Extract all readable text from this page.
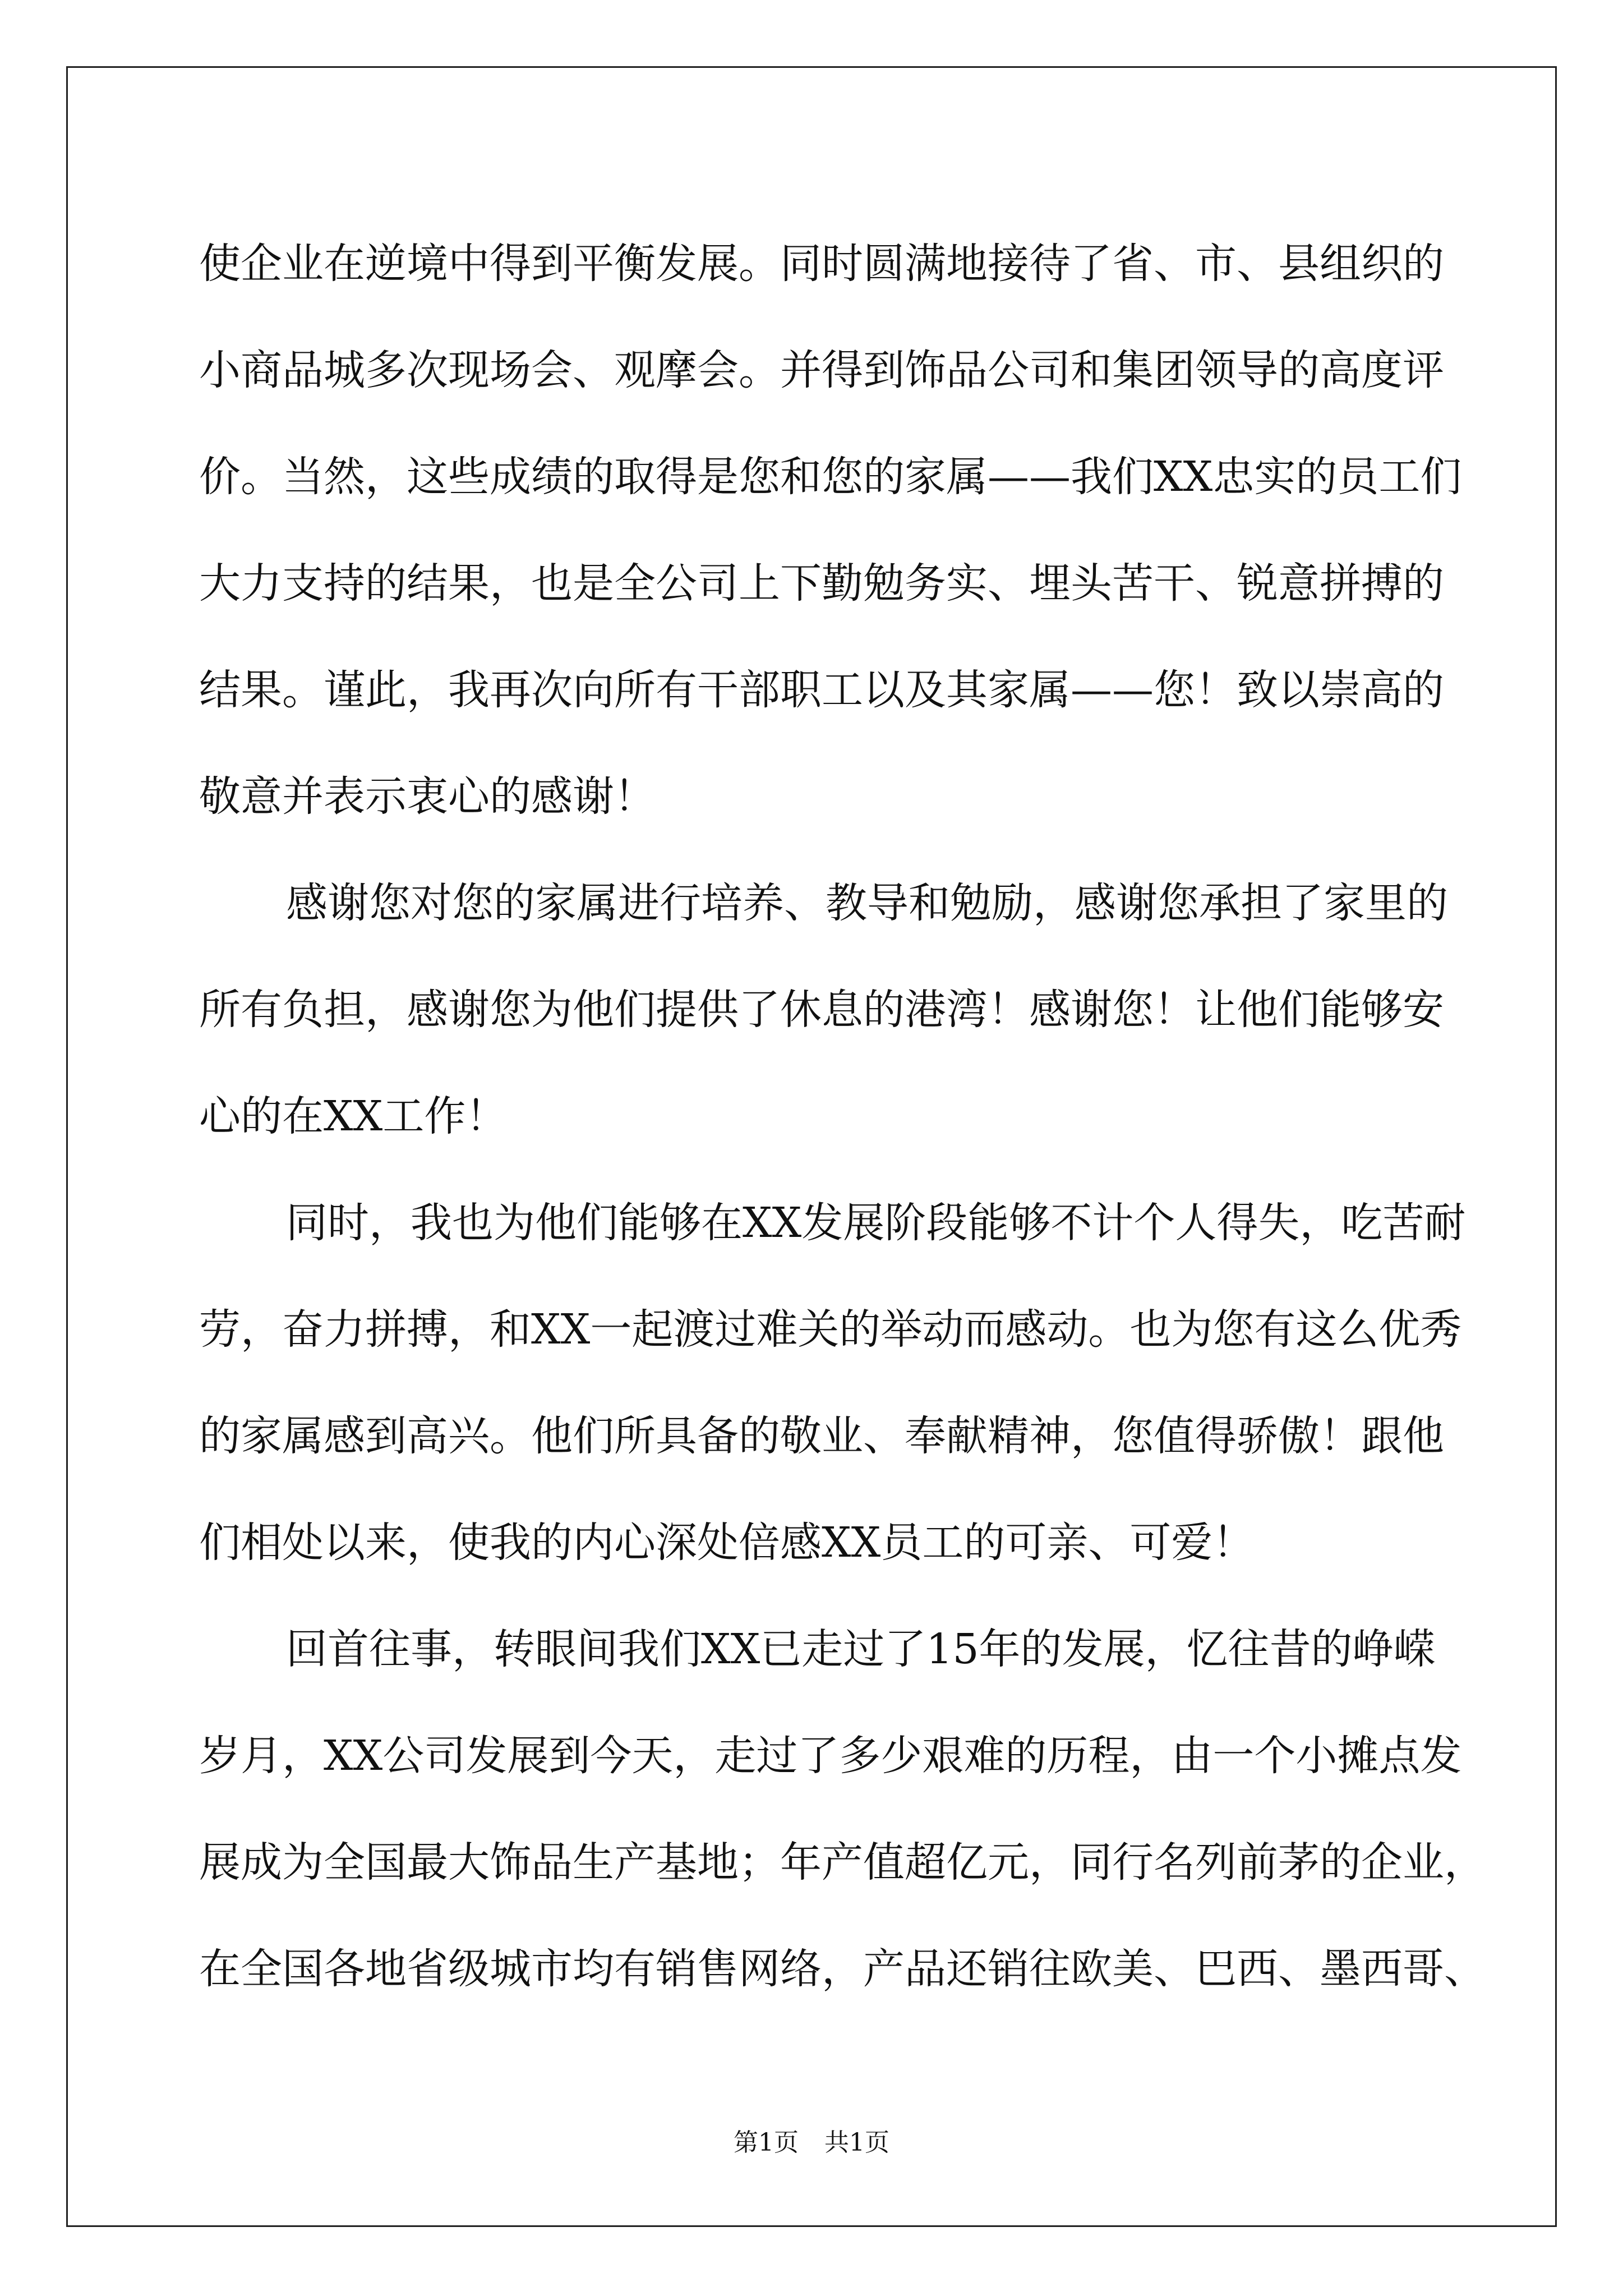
使企业在逆境中得到平衡发展。同时圆满地接待了省、市、县组织的
小商品城多次现场会、观摩会。并得到饰品公司和集团领导的高度评
价。当然，这些成绩的取得是您和您的家属——我们XX忠实的员工们
大力支持的结果，也是全公司上下勤勉务实、埋头苦干、锐意拼搏的
结果。谨此，我再次向所有干部职工以及其家属——您！致以崇高的
敬意并表示衷心的感谢！
感谢您对您的家属进行培养、教导和勉励，感谢您承担了家里的
所有负担，感谢您为他们提供了休息的港湾！感谢您！让他们能够安
心的在XX工作！
同时，我也为他们能够在XX发展阶段能够不计个人得失，吃苦耐
劳，奋力拼搏，和XX一起渡过难关的举动而感动。也为您有这么优秀
的家属感到高兴。他们所具备的敬业、奉献精神，您值得骄傲！跟他
们相处以来，使我的内心深处倍感XX员工的可亲、可爱！
回首往事，转眼间我们XX已走过了15年的发展，忆往昔的峥嵘
岁月，XX公司发展到今天，走过了多少艰难的历程，由一个小摊点发
展成为全国最大饰品生产基地；年产值超亿元，同行名列前茅的企业，
在全国各地省级城市均有销售网络，产品还销往欧美、巴西、墨西哥、
第1页 共1页
